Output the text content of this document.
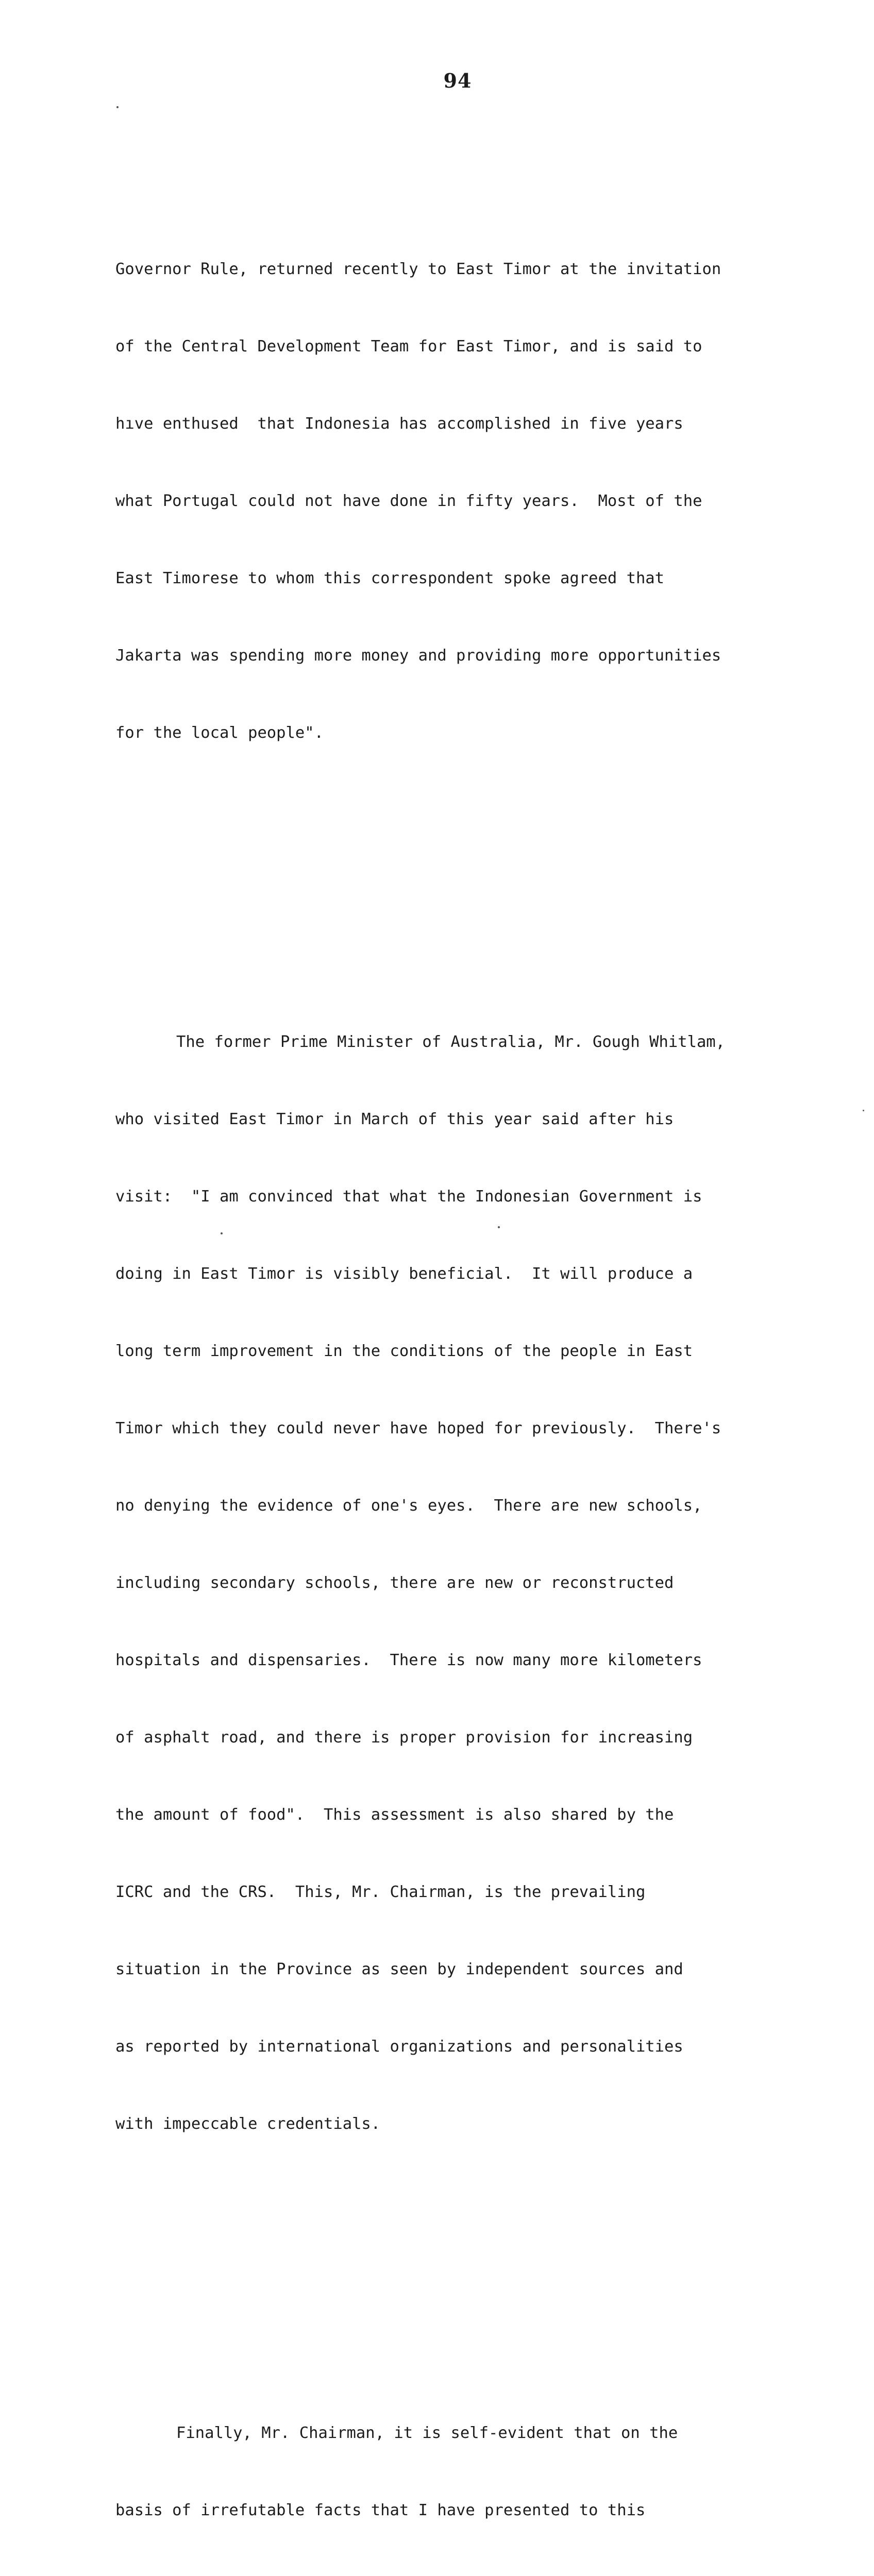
94

Governor Rule, returned recently to East Timor at the invitation

of the Central Development Team for East Timor, and is said to

hıve enthused  that Indonesia has accomplished in five years

what Portugal could not have done in fifty years.  Most of the

East Timorese to whom this correspondent spoke agreed that

Jakarta was spending more money and providing more opportunities

for the local people".

The former Prime Minister of Australia, Mr. Gough Whitlam,

who visited East Timor in March of this year said after his

visit:  "I am convinced that what the Indonesian Government is

doing in East Timor is visibly beneficial.  It will produce a

long term improvement in the conditions of the people in East

Timor which they could never have hoped for previously.  There's

no denying the evidence of one's eyes.  There are new schools,

including secondary schools, there are new or reconstructed

hospitals and dispensaries.  There is now many more kilometers

of asphalt road, and there is proper provision for increasing

the amount of food".  This assessment is also shared by the

ICRC and the CRS.  This, Mr. Chairman, is the prevailing

situation in the Province as seen by independent sources and

as reported by international organizations and personalities

with impeccable credentials.

Finally, Mr. Chairman, it is self-evident that on the

basis of irrefutable facts that I have presented to this
